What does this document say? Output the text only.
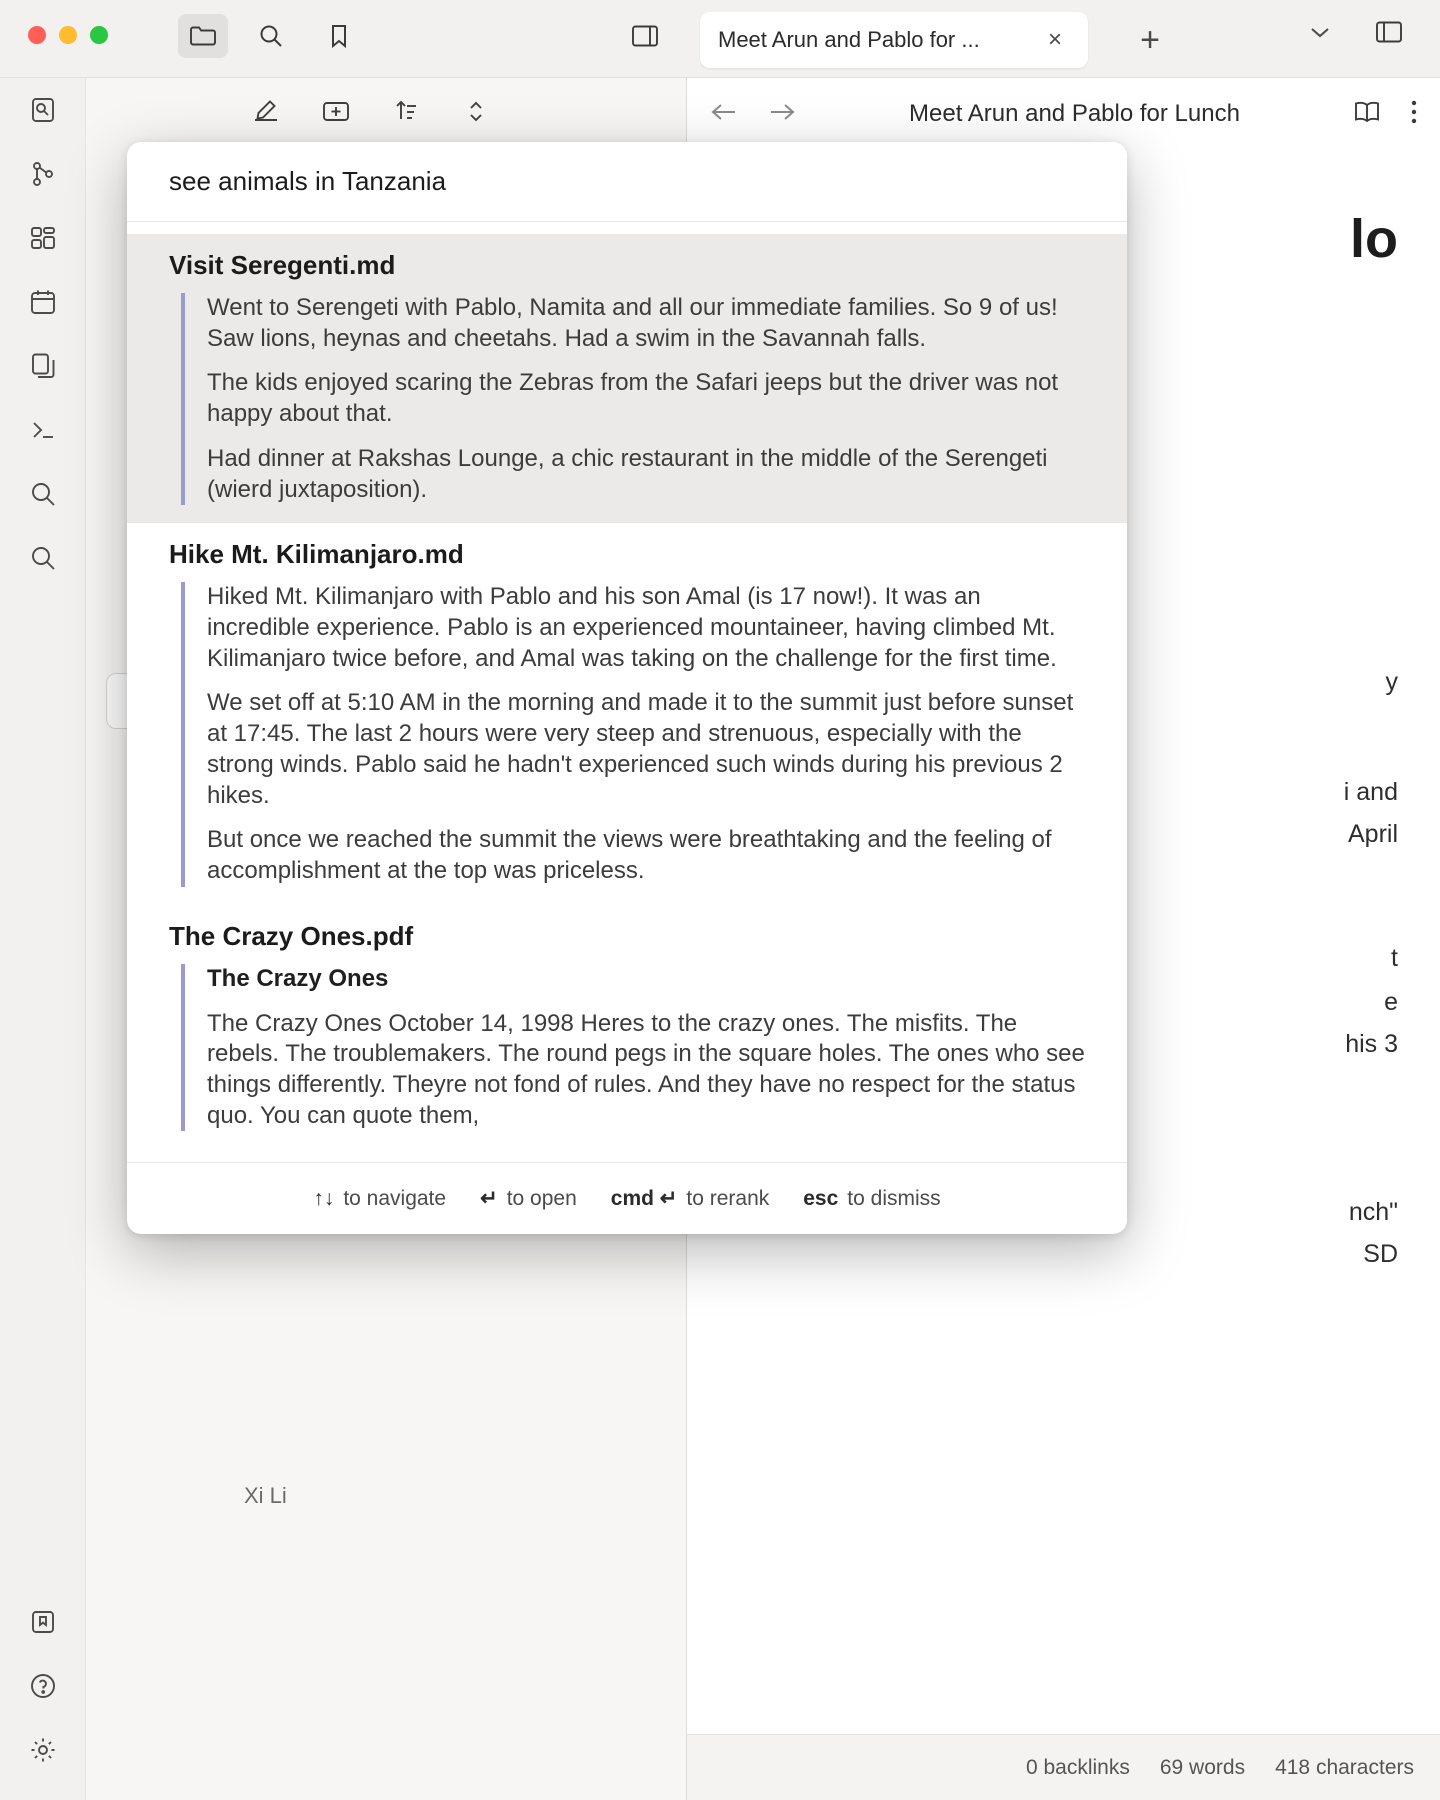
Meet Arun and Pablo for ...	×	+
Xi Li
Meet Arun and Pablo for Lunch
lo
y
i and
April
t
e
his 3
nch"
SD
0 backlinks 69 words 418 characters
see animals in Tanzania
Visit Seregenti.md

Went to Serengeti with Pablo, Namita and all our immediate families. So 9 of us! Saw lions, heynas and cheetahs. Had a swim in the Savannah falls.

The kids enjoyed scaring the Zebras from the Safari jeeps but the driver was not happy about that.

Had dinner at Rakshas Lounge, a chic restaurant in the middle of the Serengeti (wierd juxtaposition).

Hike Mt. Kilimanjaro.md

Hiked Mt. Kilimanjaro with Pablo and his son Amal (is 17 now!). It was an incredible experience. Pablo is an experienced mountaineer, having climbed Mt. Kilimanjaro twice before, and Amal was taking on the challenge for the first time.

We set off at 5:10 AM in the morning and made it to the summit just before sunset at 17:45. The last 2 hours were very steep and strenuous, especially with the strong winds. Pablo said he hadn't experienced such winds during his previous 2 hikes.

But once we reached the summit the views were breathtaking and the feeling of accomplishment at the top was priceless.

The Crazy Ones.pdf

The Crazy Ones

The Crazy Ones October 14, 1998 Heres to the crazy ones. The misfits. The rebels. The troublemakers. The round pegs in the square holes. The ones who see things differently. Theyre not fond of rules. And they have no respect for the status quo. You can quote them,

↑↓ to navigate ↵ to open cmd ↵ to rerank esc to dismiss
